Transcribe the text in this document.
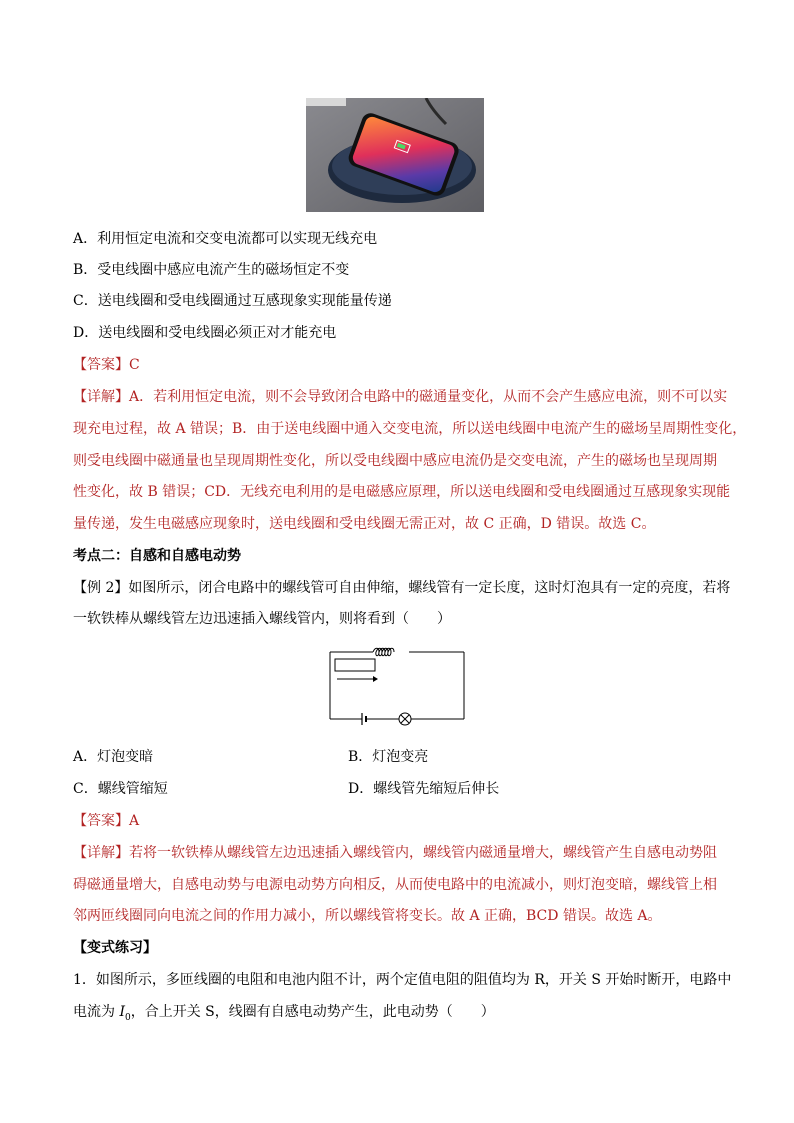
A．利用恒定电流和交变电流都可以实现无线充电
B．受电线圈中感应电流产生的磁场恒定不变
C．送电线圈和受电线圈通过互感现象实现能量传递
D．送电线圈和受电线圈必须正对才能充电
【答案】C
【详解】A．若利用恒定电流，则不会导致闭合电路中的磁通量变化，从而不会产生感应电流，则不可以实
现充电过程，故 A 错误；B．由于送电线圈中通入交变电流，所以送电线圈中电流产生的磁场呈周期性变化，
则受电线圈中磁通量也呈现周期性变化，所以受电线圈中感应电流仍是交变电流，产生的磁场也呈现周期
性变化，故 B 错误；CD．无线充电利用的是电磁感应原理，所以送电线圈和受电线圈通过互感现象实现能
量传递，发生电磁感应现象时，送电线圈和受电线圈无需正对，故 C 正确，D 错误。故选 C。
考点二：自感和自感电动势
【例 2】如图所示，闭合电路中的螺线管可自由伸缩，螺线管有一定长度，这时灯泡具有一定的亮度，若将
一软铁棒从螺线管左边迅速插入螺线管内，则将看到（　　）
A．灯泡变暗	B．灯泡变亮
C．螺线管缩短	D．螺线管先缩短后伸长
【答案】A
【详解】若将一软铁棒从螺线管左边迅速插入螺线管内，螺线管内磁通量增大，螺线管产生自感电动势阻
碍磁通量增大，自感电动势与电源电动势方向相反，从而使电路中的电流减小，则灯泡变暗，螺线管上相
邻两匝线圈同向电流之间的作用力减小，所以螺线管将变长。故 A 正确，BCD 错误。故选 A。
【变式练习】
1．如图所示，多匝线圈的电阻和电池内阻不计，两个定值电阻的阻值均为 R，开关 S 开始时断开，电路中
电流为 $I_0$，合上开关 S，线圈有自感电动势产生，此电动势（　　）
